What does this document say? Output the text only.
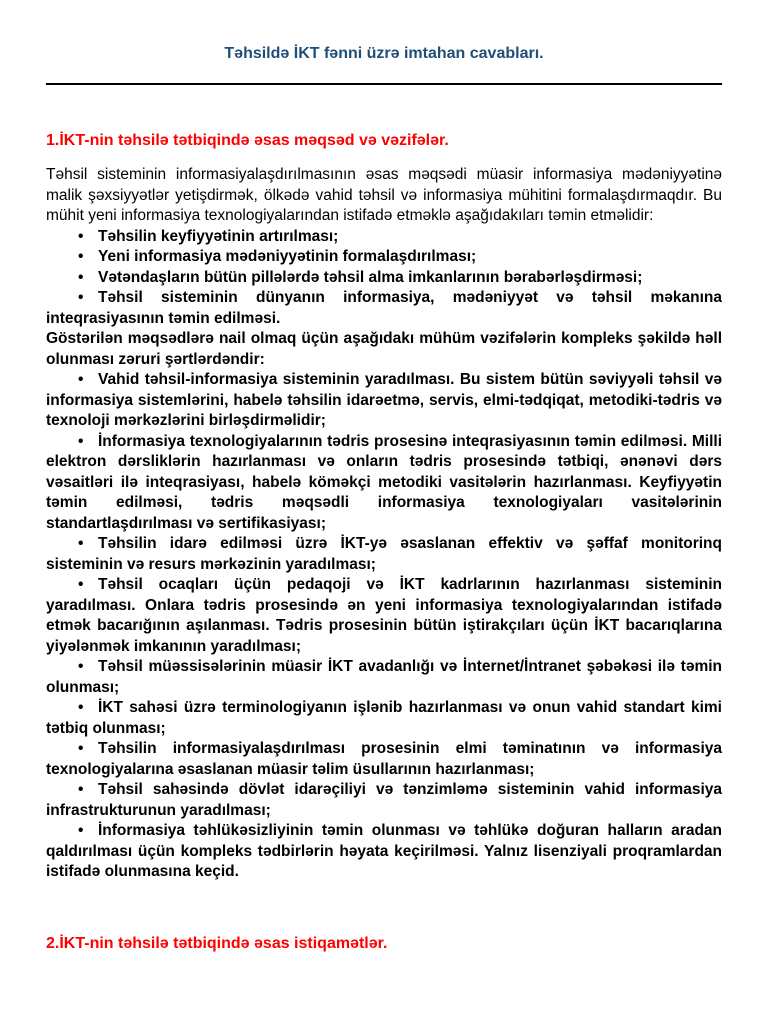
Təhsildə İKT fənni üzrə imtahan cavabları.
1.İKT-nin təhsilə tətbiqində əsas məqsəd və vəzifələr.

Təhsil sisteminin informasiyalaşdırılmasının əsas məqsədi müasir informasiya mədəniyyətinə malik şəxsiyyətlər yetişdirmək, ölkədə vahid təhsil və informasiya mühitini formalaşdırmaqdır. Bu mühit yeni informasiya texnologiyalarından istifadə etməklə aşağıdakıları təmin etməlidir:

• Təhsilin keyfiyyətinin artırılması;
• Yeni informasiya mədəniyyətinin formalaşdırılması;
• Vətəndaşların bütün pillələrdə təhsil alma imkanlarının bərabərləşdirməsi;
• Təhsil sisteminin dünyanın informasiya, mədəniyyət və təhsil məkanına inteqrasiyasının təmin edilməsi.

Göstərilən məqsədlərə nail olmaq üçün aşağıdakı mühüm vəzifələrin kompleks şəkildə həll olunması zəruri şərtlərdəndir:

• Vahid təhsil-informasiya sisteminin yaradılması. Bu sistem bütün səviyyəli təhsil və informasiya sistemlərini, habelə təhsilin idarəetmə, servis, elmi-tədqiqat, metodiki-tədris və texnoloji mərkəzlərini birləşdirməlidir;
• İnformasiya texnologiyalarının tədris prosesinə inteqrasiyasının təmin edilməsi. Milli elektron dərsliklərin hazırlanması və onların tədris prosesində tətbiqi, ənənəvi dərs vəsaitləri ilə inteqrasiyası, habelə köməkçi metodiki vasitələrin hazırlanması. Keyfiyyətin təmin edilməsi, tədris məqsədli informasiya texnologiyaları vasitələrinin standartlaşdırılması və sertifikasiyası;
• Təhsilin idarə edilməsi üzrə İKT-yə əsaslanan effektiv və şəffaf monitorinq sisteminin və resurs mərkəzinin yaradılması;
• Təhsil ocaqları üçün pedaqoji və İKT kadrlarının hazırlanması sisteminin yaradılması. Onlara tədris prosesində ən yeni informasiya texnologiyalarından istifadə etmək bacarığının aşılanması. Tədris prosesinin bütün iştirakçıları üçün İKT bacarıqlarına yiyələnmək imkanının yaradılması;
• Təhsil müəssisələrinin müasir İKT avadanlığı və İnternet/İntranet şəbəkəsi ilə təmin olunması;
• İKT sahəsi üzrə terminologiyanın işlənib hazırlanması və onun vahid standart kimi tətbiq olunması;
• Təhsilin informasiyalaşdırılması prosesinin elmi təminatının və informasiya texnologiyalarına əsaslanan müasir təlim üsullarının hazırlanması;
• Təhsil sahəsində dövlət idarəçiliyi və tənzimləmə sisteminin vahid informasiya infrastrukturunun yaradılması;
• İnformasiya təhlükəsizliyinin təmin olunması və təhlükə doğuran halların aradan qaldırılması üçün kompleks tədbirlərin həyata keçirilməsi. Yalnız lisenziyali proqramlardan istifadə olunmasına keçid.
2.İKT-nin təhsilə tətbiqində əsas istiqamətlər.
